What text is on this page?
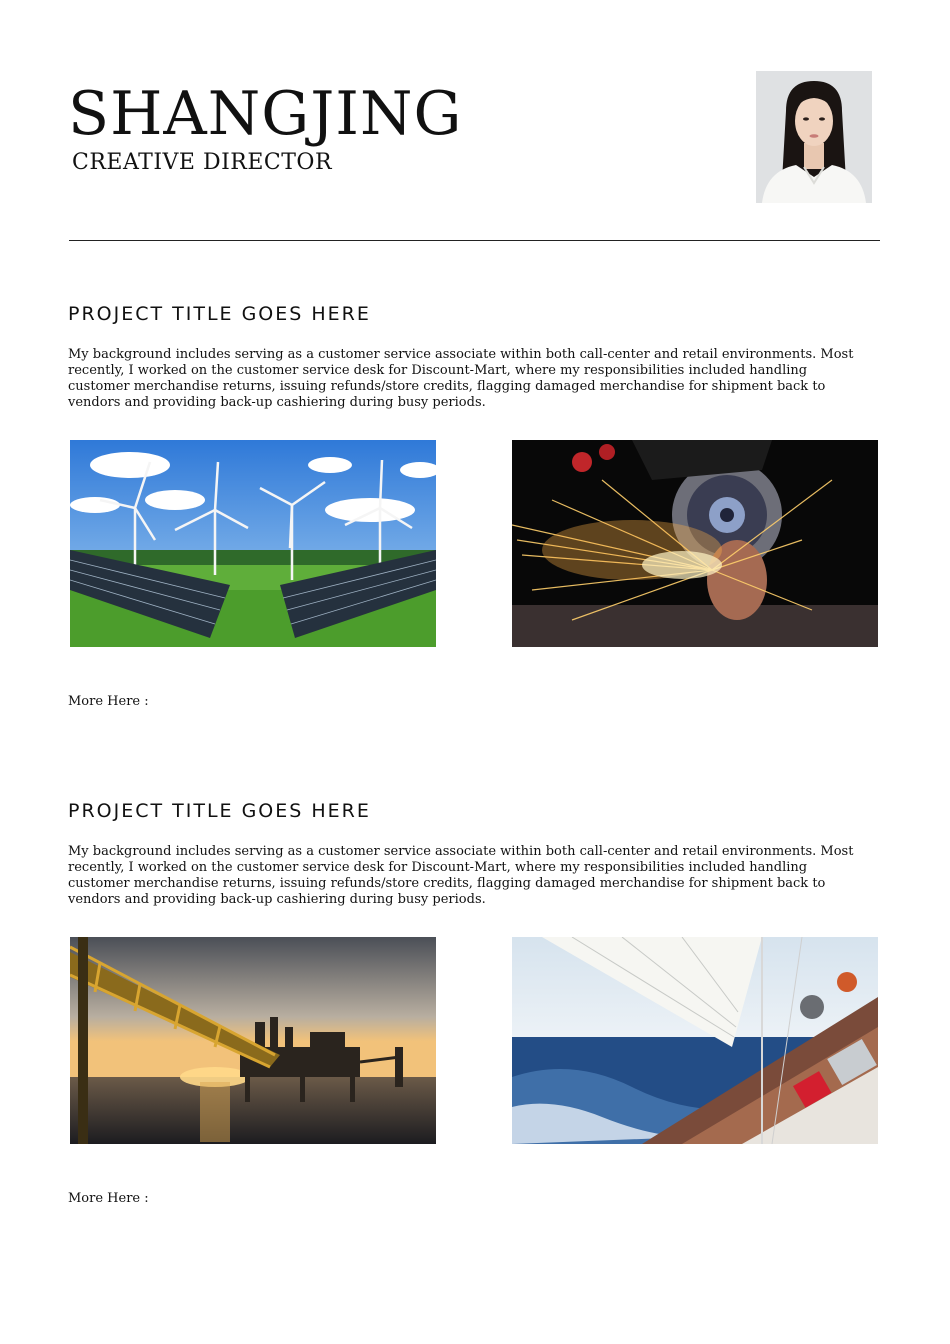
SHANGJING
CREATIVE DIRECTOR
PROJECT TITLE GOES HERE

My background includes serving as a customer service associate within both call-center and retail environments. Most recently, I worked on the customer service desk for Discount-Mart, where my responsibilities included handling customer merchandise returns, issuing refunds/store credits, flagging damaged merchandise for shipment back to vendors and providing back-up cashiering during busy periods.

More Here :
PROJECT TITLE GOES HERE

My background includes serving as a customer service associate within both call-center and retail environments. Most recently, I worked on the customer service desk for Discount-Mart, where my responsibilities included handling customer merchandise returns, issuing refunds/store credits, flagging damaged merchandise for shipment back to vendors and providing back-up cashiering during busy periods.

More Here :
